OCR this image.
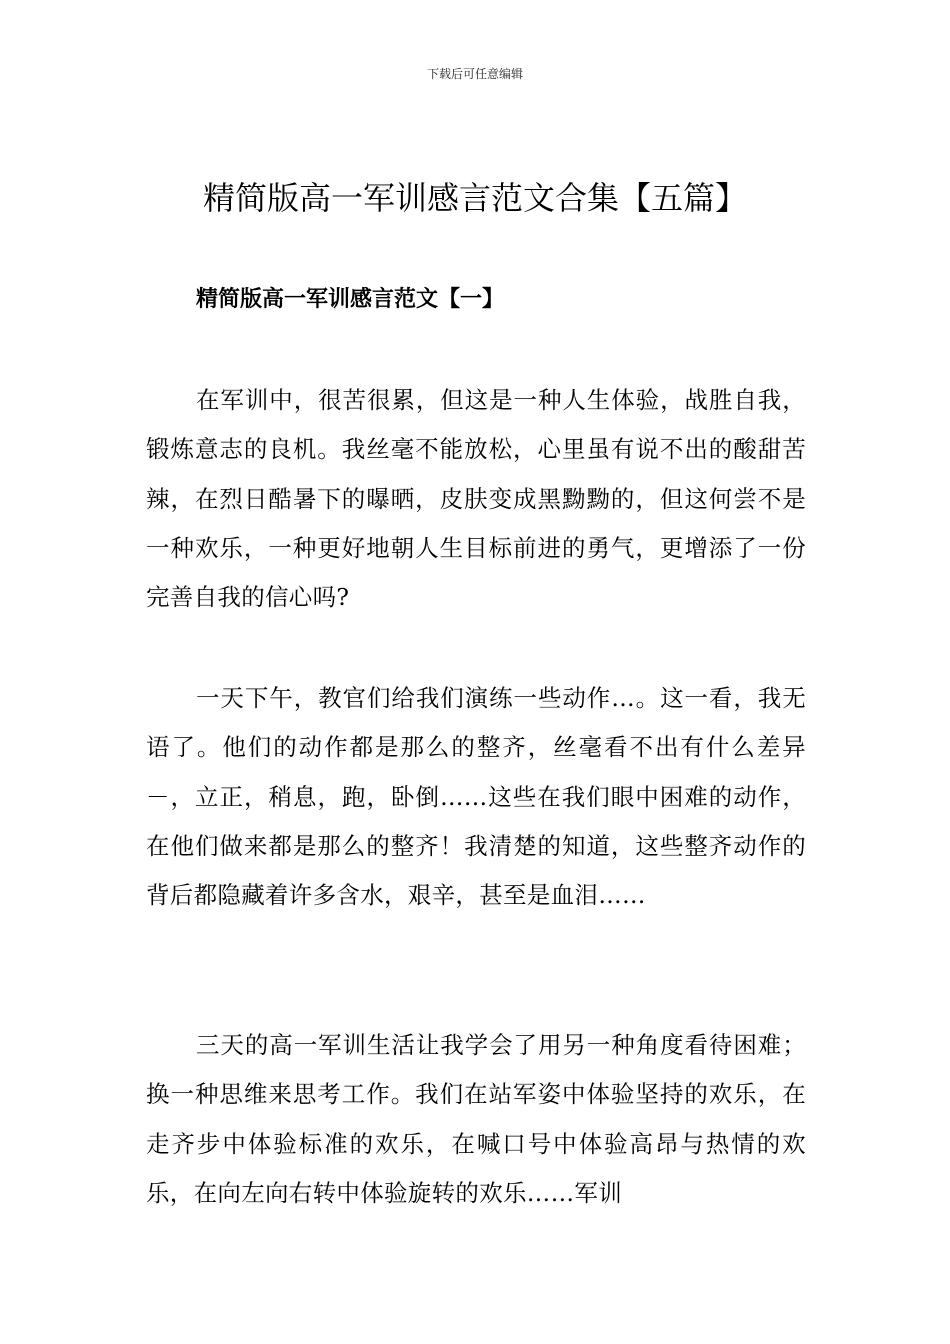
下载后可任意编辑
精简版高一军训感言范文合集【五篇】
精简版高一军训感言范文【一】

在军训中，很苦很累，但这是一种人生体验，战胜自我，锻炼意志的良机。我丝毫不能放松，心里虽有说不出的酸甜苦辣，在烈日酷暑下的曝晒，皮肤变成黑黝黝的，但这何尝不是一种欢乐，一种更好地朝人生目标前进的勇气，更增添了一份完善自我的信心吗?

一天下午，教官们给我们演练一些动作…。这一看，我无语了。他们的动作都是那么的整齐，丝毫看不出有什么差异－，立正，稍息，跑，卧倒……这些在我们眼中困难的动作，在他们做来都是那么的整齐！我清楚的知道，这些整齐动作的背后都隐藏着许多含水，艰辛，甚至是血泪……

三天的高一军训生活让我学会了用另一种角度看待困难；换一种思维来思考工作。我们在站军姿中体验坚持的欢乐，在走齐步中体验标准的欢乐，在喊口号中体验高昂与热情的欢乐，在向左向右转中体验旋转的欢乐……军训
